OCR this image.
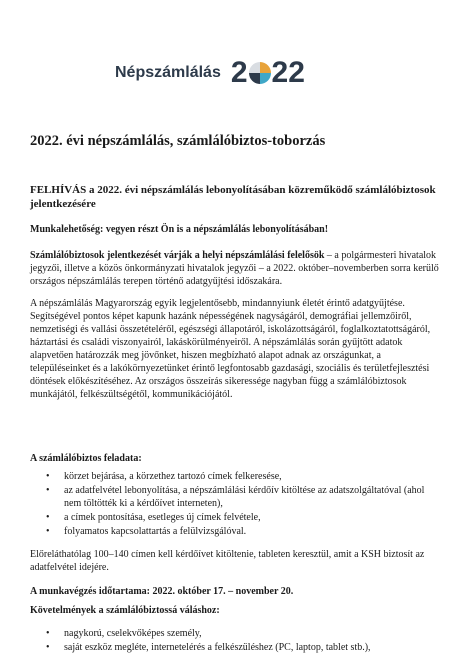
Népszámlálás 2 22
2022. évi népszámlálás, számlálóbiztos-toborzás
FELHÍVÁS a 2022. évi népszámlálás lebonyolításában közreműködő számlálóbiztosok jelentkezésére
Munkalehetőség: vegyen részt Ön is a népszámlálás lebonyolításában!
Számlálóbiztosok jelentkezését várják a helyi népszámlálási felelősök – a polgármesteri hivatalok jegyzői, illetve a közös önkormányzati hivatalok jegyzői – a 2022. október–novemberben sorra kerülő országos népszámlálás terepen történő adatgyűjtési időszakára.
A népszámlálás Magyarország egyik legjelentősebb, mindannyiunk életét érintő adatgyűjtése. Segítségével pontos képet kapunk hazánk népességének nagyságáról, demográfiai jellemzőiről, nemzetiségi és vallási összetételéről, egészségi állapotáról, iskolázottságáról, foglalkoztatottságáról, háztartási és családi viszonyairól, lakáskörülményeiről. A népszámlálás során gyűjtött adatok alapvetően határozzák meg jövőnket, hiszen megbízható alapot adnak az országunkat, a településeinket és a lakókörnyezetünket érintő legfontosabb gazdasági, szociális és területfejlesztési döntések előkészítéséhez. Az országos összeírás sikeressége nagyban függ a számlálóbiztosok munkájától, felkészültségétől, kommunikációjától.
A számlálóbiztos feladata:
• körzet bejárása, a körzethez tartozó címek felkeresése,
• az adatfelvétel lebonyolítása, a népszámlálási kérdőív kitöltése az adatszolgáltatóval (ahol nem töltötték ki a kérdőívet interneten),
• a címek pontosítása, esetleges új címek felvétele,
• folyamatos kapcsolattartás a felülvizsgálóval.
Előreláthatólag 100–140 címen kell kérdőívet kitöltenie, tableten keresztül, amit a KSH biztosít az adatfelvétel idejére.
A munkavégzés időtartama: 2022. október 17. – november 20.
Követelmények a számlálóbiztossá váláshoz:
• nagykorú, cselekvőképes személy,
• saját eszköz megléte, internetelérés a felkészüléshez (PC, laptop, tablet stb.),
